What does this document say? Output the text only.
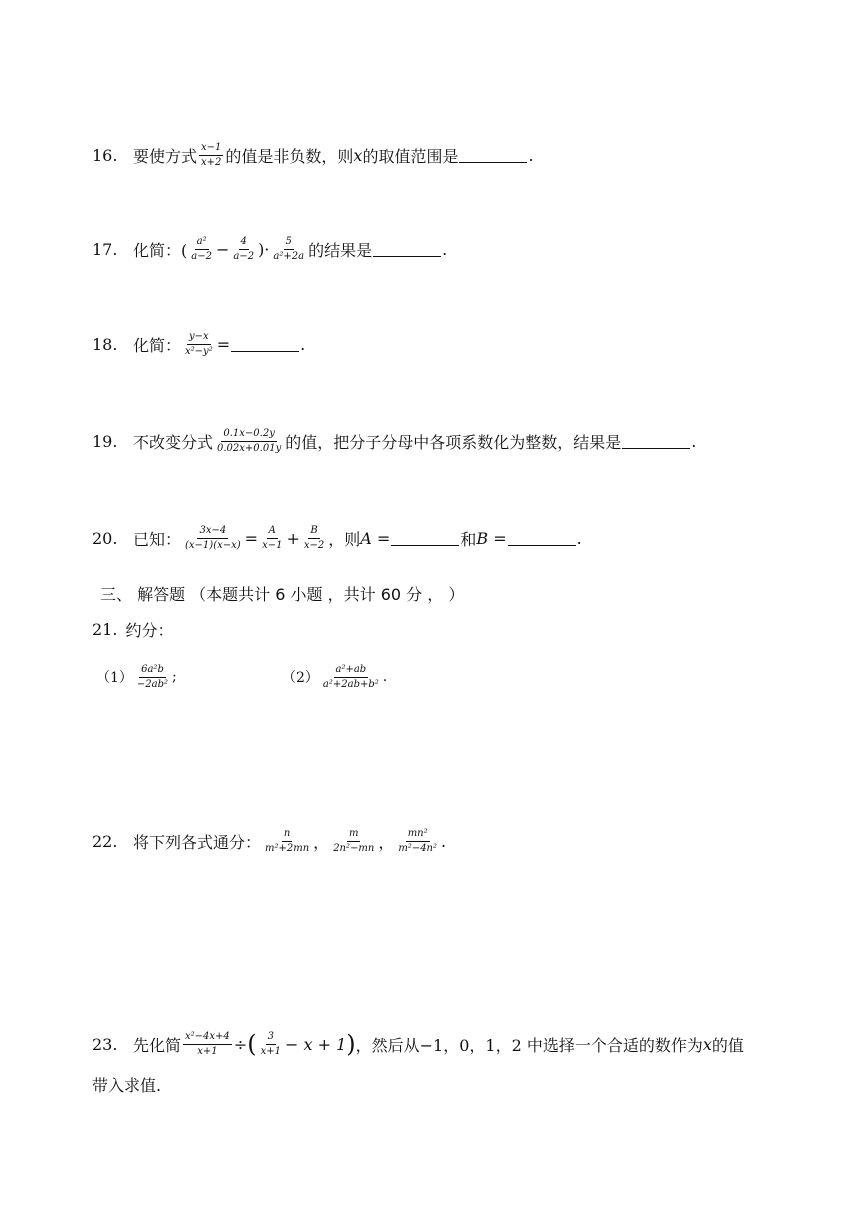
16. 要使方式 $\frac{x-1}{x+2}$ 的值是非负数，则 x 的取值范围是	.
17. 化简：( $\frac{\text{a²}}{a-2} - \frac{4}{a-2}$ )· $\frac{5}{\text{a²+2a}}$ 的结果是	.
18. 化简： $\frac{y-x}{\text{x²−y²}}$ =	.
19. 不改变分式 $\frac{0.1x-0.2y}{0.02x+0.01y}$ 的值，把分子分母中各项系数化为整数，结果是	.
20. 已知： $\frac{3x-4}{(x-1)(x-x)} = \frac{A}{x-1} + \frac{B}{x-2}$ ，则 A =	和 B =	.
三、 解答题 （本题共计 6 小题 ，共计 60 分 ， ）
21. 约分：
$(1) \frac{\text{6a²b}}{\text{−2ab²}}$ ;	$(2) \frac{\text{a²+ab}}{\text{a²+2ab+b²}}$ .
22. 将下列各式通分： $\frac{n}{\text{m²+2mn}}$ ， $\frac{m}{\text{2n²−mn}}$ ， $\frac{\text{mn²}}{\text{m²−4n²}}$ .
23. 先化简 $\frac{\text{x²−4x+4}}{x+1}$ ÷ ( $\frac{3}{x+1} - x + 1$ ) ，然后从−1，0，1，2 中选择一个合适的数作为 x 的值
带入求值.
